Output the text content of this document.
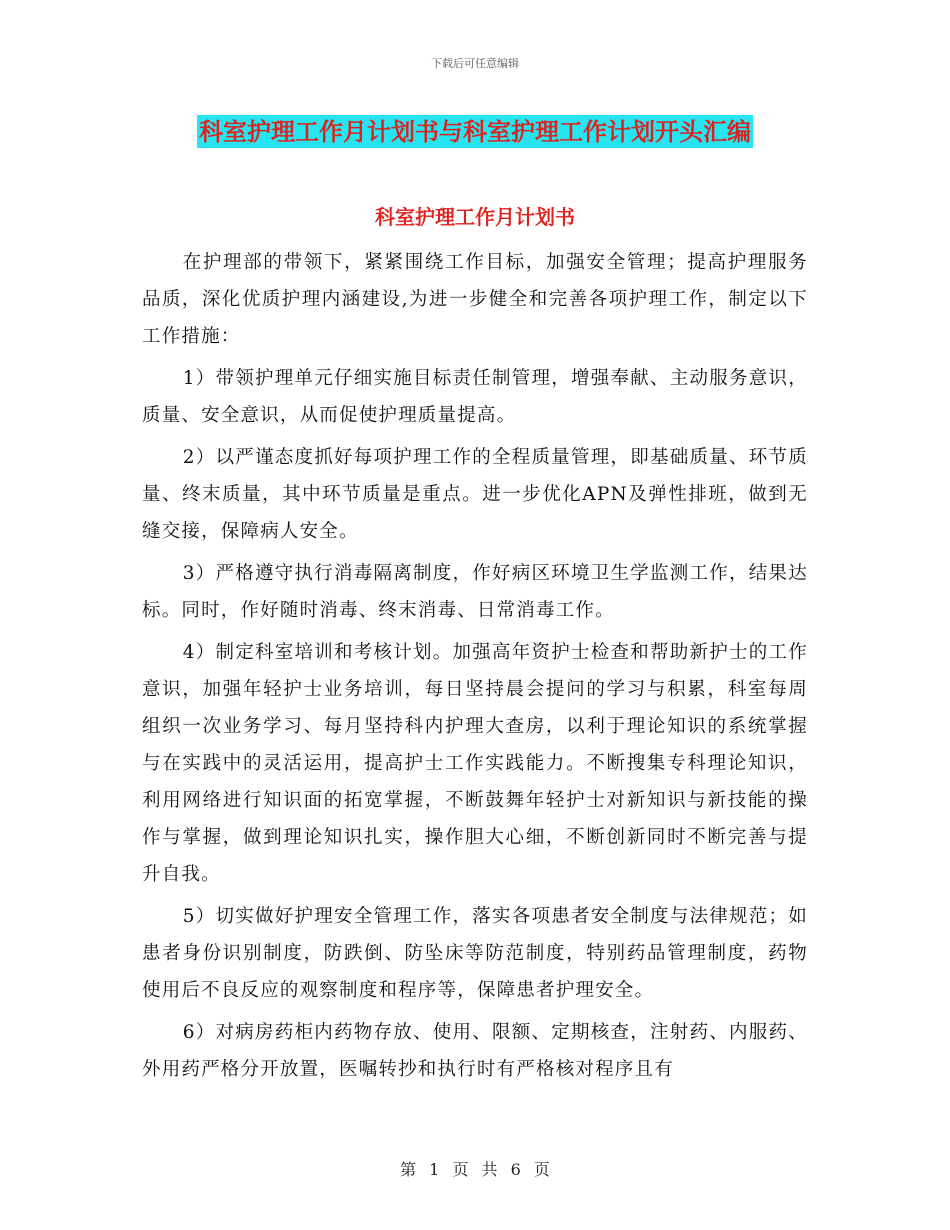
下载后可任意编辑
科室护理工作月计划书与科室护理工作计划开头汇编
科室护理工作月计划书

在护理部的带领下，紧紧围绕工作目标，加强安全管理；提高护理服务品质，深化优质护理内涵建设,为进一步健全和完善各项护理工作，制定以下工作措施：

1）带领护理单元仔细实施目标责任制管理，增强奉献、主动服务意识，质量、安全意识，从而促使护理质量提高。

2）以严谨态度抓好每项护理工作的全程质量管理，即基础质量、环节质量、终末质量，其中环节质量是重点。进一步优化APN及弹性排班，做到无缝交接，保障病人安全。

3）严格遵守执行消毒隔离制度，作好病区环境卫生学监测工作，结果达标。同时，作好随时消毒、终末消毒、日常消毒工作。

4）制定科室培训和考核计划。加强高年资护士检查和帮助新护士的工作意识，加强年轻护士业务培训，每日坚持晨会提问的学习与积累，科室每周组织一次业务学习、每月坚持科内护理大查房，以利于理论知识的系统掌握与在实践中的灵活运用，提高护士工作实践能力。不断搜集专科理论知识，利用网络进行知识面的拓宽掌握，不断鼓舞年轻护士对新知识与新技能的操作与掌握，做到理论知识扎实，操作胆大心细，不断创新同时不断完善与提升自我。

5）切实做好护理安全管理工作，落实各项患者安全制度与法律规范；如患者身份识别制度，防跌倒、防坠床等防范制度，特别药品管理制度，药物使用后不良反应的观察制度和程序等，保障患者护理安全。

6）对病房药柜内药物存放、使用、限额、定期核查，注射药、内服药、外用药严格分开放置，医嘱转抄和执行时有严格核对程序且有

第 1 页 共 6 页
